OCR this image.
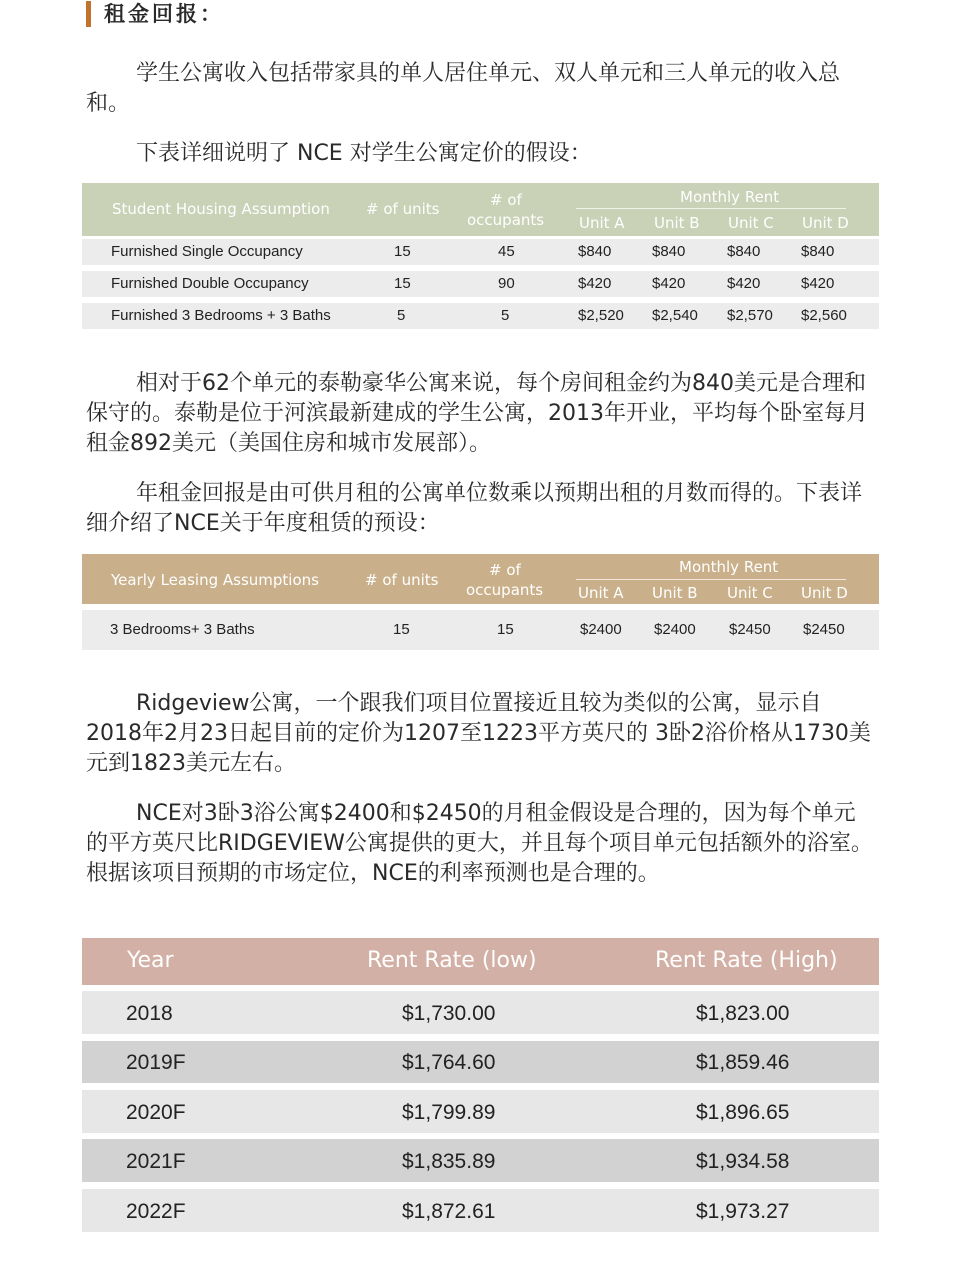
租金回报：

学生公寓收入包括带家具的单人居住单元、双人单元和三人单元的收入总和。

下表详细说明了 NCE 对学生公寓定价的假设：

Student Housing Assumption # of units	# of
occupants
Monthly Rent
Unit A Unit B Unit C Unit D
Furnished Single Occupancy	15	45	$840	$840	$840	$840
Furnished Double Occupancy	15	90	$420	$420	$420	$420
Furnished 3 Bedrooms + 3 Baths	5	5	$2,520 $2,540 $2,570 $2,560

相对于62个单元的泰勒豪华公寓来说，每个房间租金约为840美元是合理和保守的。泰勒是位于河滨最新建成的学生公寓，2013年开业，平均每个卧室每月租金892美元（美国住房和城市发展部）。

年租金回报是由可供月租的公寓单位数乘以预期出租的月数而得的。下表详细介绍了NCE关于年度租赁的预设：

Yearly Leasing Assumptions	# of units
# of
occupants
Monthly Rent
Unit A Unit B Unit C Unit D
3 Bedrooms+ 3 Baths	15	15	$2400 $2400 $2450 $2450

Ridgeview公寓，一个跟我们项目位置接近且较为类似的公寓，显示自2018年2月23日起目前的定价为1207至1223平方英尺的 3卧2浴价格从1730美元到1823美元左右。

NCE对3卧3浴公寓$2400和$2450的月租金假设是合理的，因为每个单元的平方英尺比RIDGEVIEW公寓提供的更大，并且每个项目单元包括额外的浴室。 根据该项目预期的市场定位，NCE的利率预测也是合理的。

Year	Rent Rate (low)	Rent Rate (High)
2018	$1,730.00	$1,823.00
2019F	$1,764.60	$1,859.46
2020F	$1,799.89	$1,896.65
2021F	$1,835.89	$1,934.58
2022F	$1,872.61	$1,973.27
